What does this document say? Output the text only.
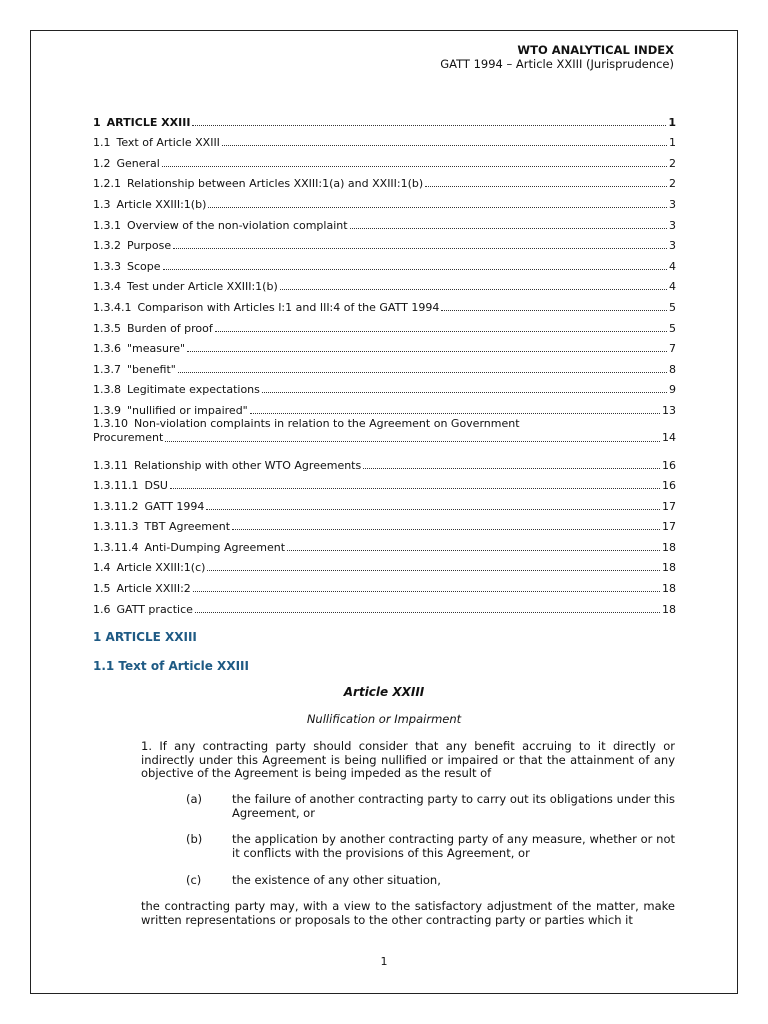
WTO ANALYTICAL INDEX
GATT 1994 – Article XXIII (Jurisprudence)
1 ARTICLE XXIII	1
1.1 Text of Article XXIII	1
1.2 General	2
1.2.1 Relationship between Articles XXIII:1(a) and XXIII:1(b)	2
1.3 Article XXIII:1(b)	3
1.3.1 Overview of the non-violation complaint	3
1.3.2 Purpose	3
1.3.3 Scope	4
1.3.4 Test under Article XXIII:1(b)	4
1.3.4.1 Comparison with Articles I:1 and III:4 of the GATT 1994	5
1.3.5 Burden of proof	5
1.3.6 "measure"	7
1.3.7 "benefit"	8
1.3.8 Legitimate expectations	9
1.3.9 "nullified or impaired"	13
1.3.10 Non-violation complaints in relation to the Agreement on Government
Procurement	14
1.3.11 Relationship with other WTO Agreements	16
1.3.11.1 DSU	16
1.3.11.2 GATT 1994	17
1.3.11.3 TBT Agreement	17
1.3.11.4 Anti-Dumping Agreement	18
1.4 Article XXIII:1(c)	18
1.5 Article XXIII:2	18
1.6 GATT practice	18
1 ARTICLE XXIII
1.1 Text of Article XXIII
Article XXIII
Nullification or Impairment
1. If any contracting party should consider that any benefit accruing to it directly or indirectly under this Agreement is being nullified or impaired or that the attainment of any objective of the Agreement is being impeded as the result of
(a)	the failure of another contracting party to carry out its obligations under this Agreement, or
(b)	the application by another contracting party of any measure, whether or not it conflicts with the provisions of this Agreement, or
(c)	the existence of any other situation,
the contracting party may, with a view to the satisfactory adjustment of the matter, make written representations or proposals to the other contracting party or parties which it
1
